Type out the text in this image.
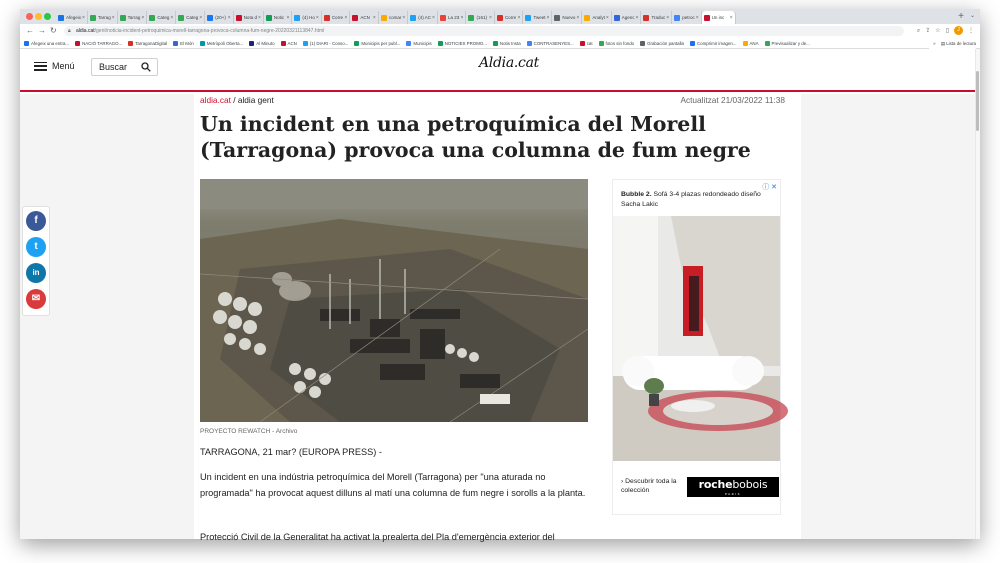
Afegeix ×	Tarrag ×	Tarrag ×	Categ ×	Categ ×	(20+) ×	Nota d ×	Notic ×	(4) Ho ×	Corre ×	ACN ×	comar ×	(4) AC ×	La 23 ×	(161) ×	Corre ×	Tweet ×	Nuevo ×	Analyt ×	Agenc ×	Traduc ×	petroc ×	Un inc	×	+ ⌄
← → ↻ 🔒︎ aldia.cat/gent/noticia-incident-petroquimica-morell-tarragona-provoca-columna-fum-negre-20220321113847.html	⌕ ⇪ ☆ ▯	J	⋮
Afegeix una entra...	NACIÓ TARRAGO...	TarragonaDigital	El Món	Metròpoli Oberta...	Al Minuto	ACN	(1) DIARI - Conso...	Municipis per publ...	Municipis	NOTICIES PROMO...	Notis Insta	CONTRASENYES...	cat	fotos sin fondo	Grabación pantalla	Comprimir imagen...	ANA	Previsualizar y de...	» ▤ Lista de lectura
Menú	Buscar	Aldia.cat
aldia.cat / aldia gent	Actualitzat 21/03/2022 11:38
Un incident en una petroquímica del Morell (Tarragona) provoca una columna de fum negre
PROYECTO REWATCH - Archivo
TARRAGONA, 21 mar? (EUROPA PRESS) -

Un incident en una indústria petroquímica del Morell (Tarragona) per "una aturada no programada" ha provocat aquest dilluns al matí una columna de fum negre i sorolls a la planta.

Protecció Civil de la Generalitat ha activat la prealerta del Pla d'emergència exterior del

ⓘ ✕
Bubble 2. Sofá 3-4 plazas redondeado diseño Sacha Lakic
› Descubrir toda la colección	rochebobois
PARIS
f
t
in
✉
